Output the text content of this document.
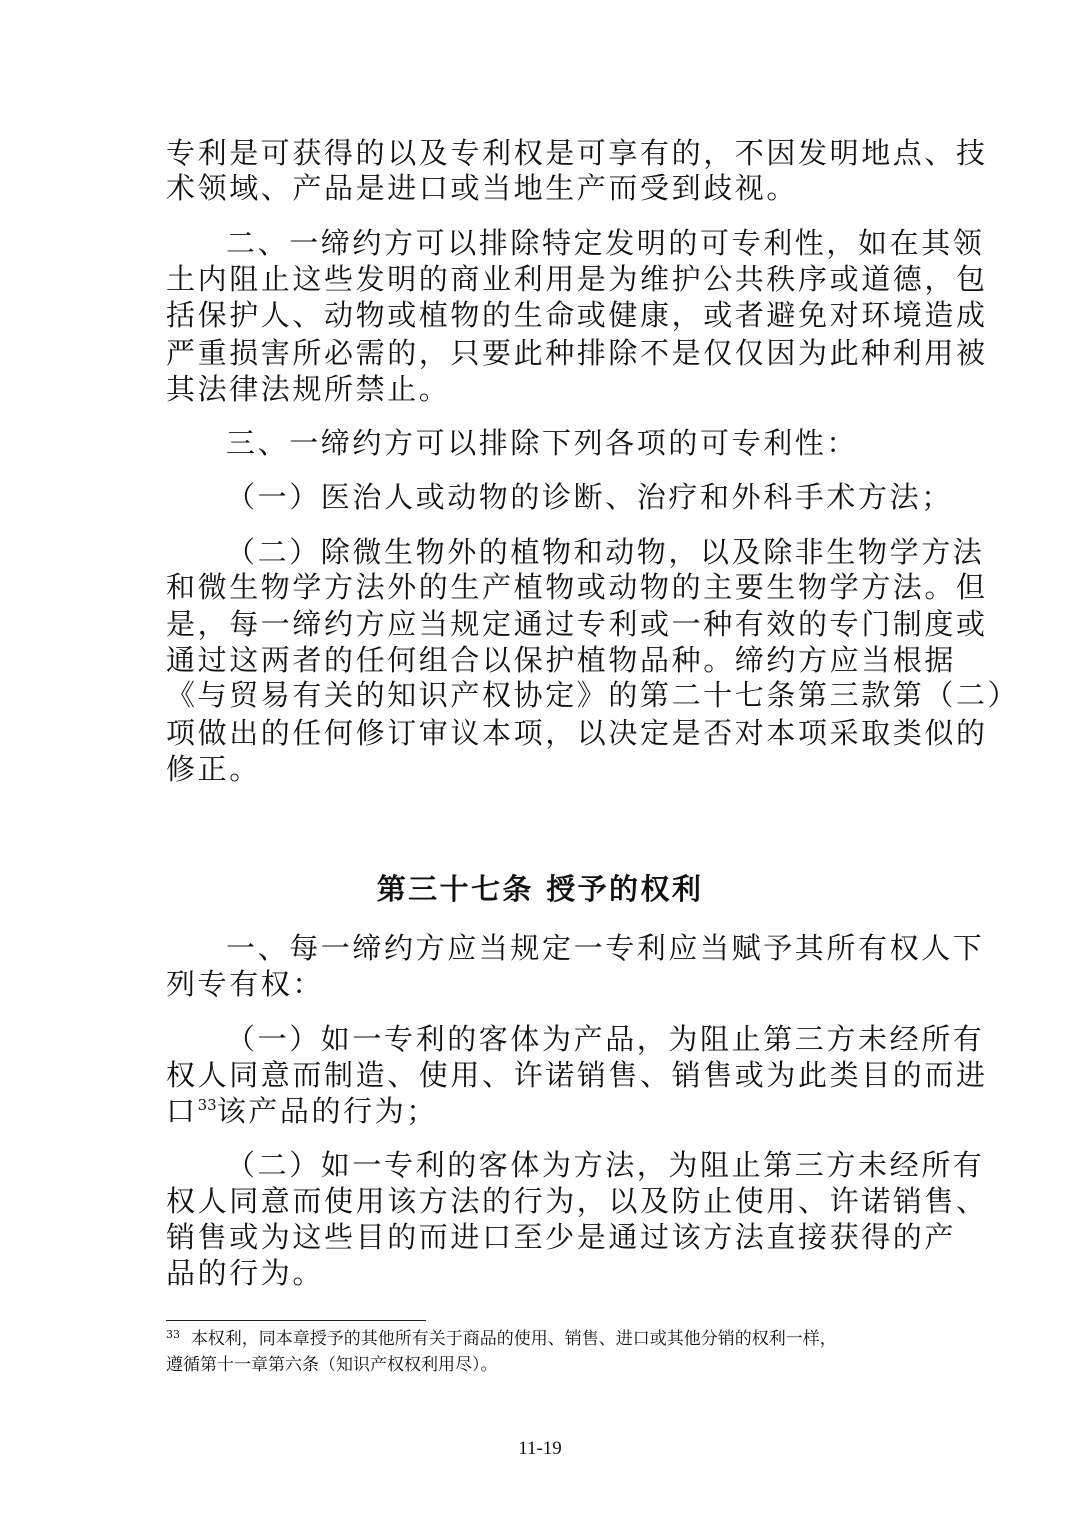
专利是可获得的以及专利权是可享有的，不因发明地点、技
术领域、产品是进口或当地生产而受到歧视。
二、一缔约方可以排除特定发明的可专利性，如在其领
土内阻止这些发明的商业利用是为维护公共秩序或道德，包
括保护人、动物或植物的生命或健康，或者避免对环境造成
严重损害所必需的，只要此种排除不是仅仅因为此种利用被
其法律法规所禁止。
三、一缔约方可以排除下列各项的可专利性：
（一）医治人或动物的诊断、治疗和外科手术方法；
（二）除微生物外的植物和动物，以及除非生物学方法
和微生物学方法外的生产植物或动物的主要生物学方法。但
是，每一缔约方应当规定通过专利或一种有效的专门制度或
通过这两者的任何组合以保护植物品种。缔约方应当根据
《与贸易有关的知识产权协定》的第二十七条第三款第（二）
项做出的任何修订审议本项，以决定是否对本项采取类似的
修正。
第三十七条 授予的权利
一、每一缔约方应当规定一专利应当赋予其所有权人下
列专有权：
（一）如一专利的客体为产品，为阻止第三方未经所有
权人同意而制造、使用、许诺销售、销售或为此类目的而进
口$^{33}$该产品的行为；
（二）如一专利的客体为方法，为阻止第三方未经所有
权人同意而使用该方法的行为，以及防止使用、许诺销售、
销售或为这些目的而进口至少是通过该方法直接获得的产
品的行为。
$^{33}$ 本权利，同本章授予的其他所有关于商品的使用、销售、进口或其他分销的权利一样，
遵循第十一章第六条（知识产权权利用尽）。
11-19
